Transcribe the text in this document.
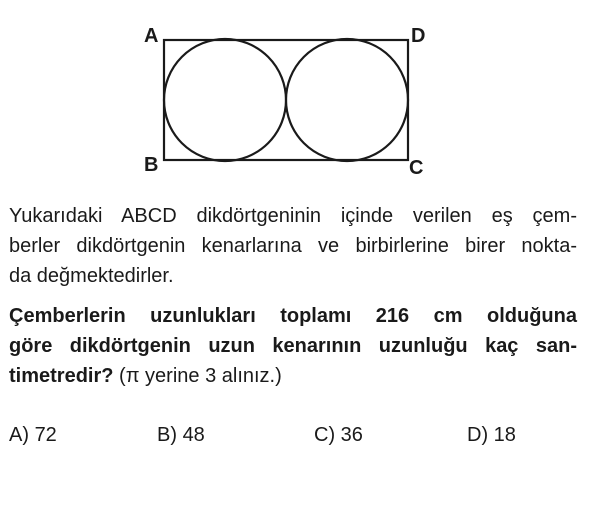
A	D
B	C

Yukarıdaki ABCD dikdörtgeninin içinde verilen eş çem-
berler dikdörtgenin kenarlarına ve birbirlerine birer nokta-
da değmektedirler.

Çemberlerin uzunlukları toplamı 216 cm olduğuna
göre dikdörtgenin uzun kenarının uzunluğu kaç san-
timetredir? (π yerine 3 alınız.)

A) 72	B) 48	C) 36	D) 18
